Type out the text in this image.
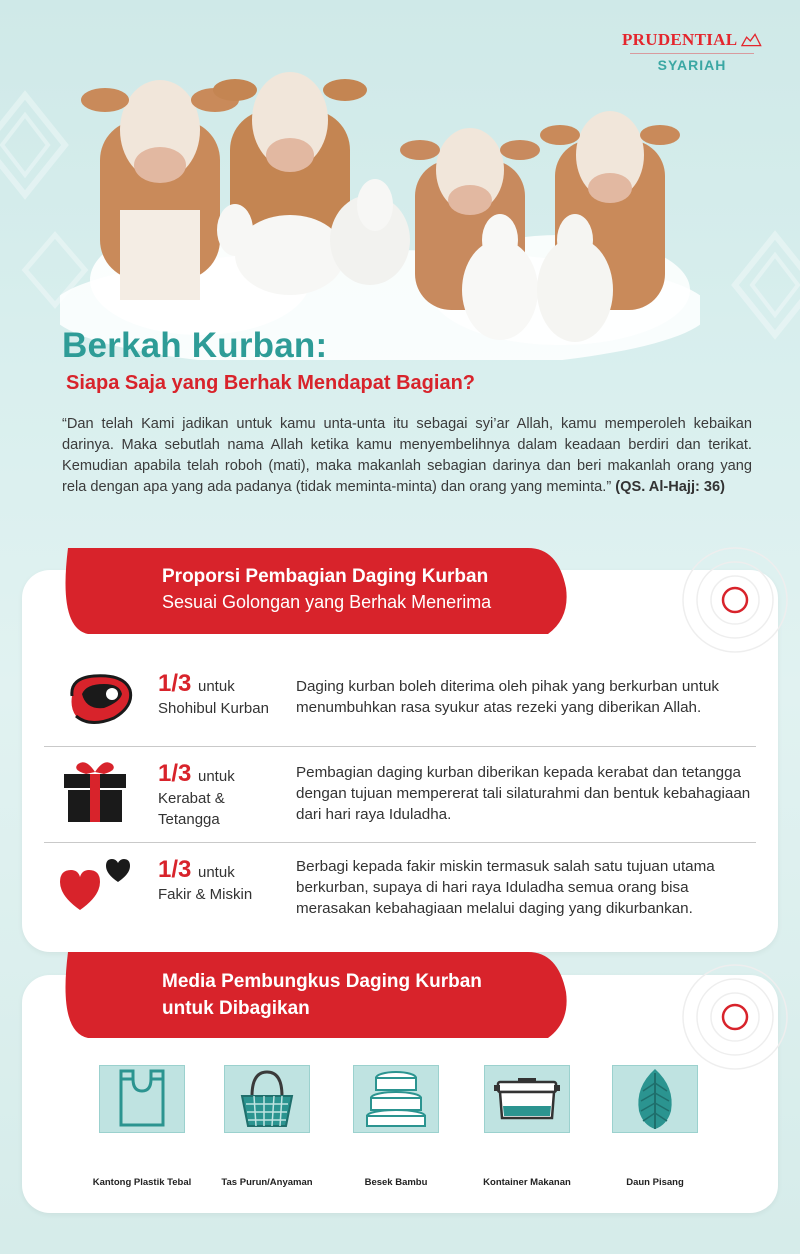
PRUDENTIAL
SYARIAH
Berkah Kurban:
Siapa Saja yang Berhak Mendapat Bagian?

“Dan telah Kami jadikan untuk kamu unta-unta itu sebagai syi’ar Allah, kamu memperoleh kebaikan darinya. Maka sebutlah nama Allah ketika kamu menyembelihnya dalam keadaan berdiri dan terikat. Kemudian apabila telah roboh (mati), maka makanlah sebagian darinya dan beri makanlah orang yang rela dengan apa yang ada padanya (tidak meminta-minta) dan orang yang meminta.” (QS. Al-Hajj: 36)

Proporsi Pembagian Daging Kurban
Sesuai Golongan yang Berhak Menerima
1/3 untuk
Shohibul Kurban
Daging kurban boleh diterima oleh pihak yang berkurban untuk menumbuhkan rasa syukur atas rezeki yang diberikan Allah.
1/3 untuk
Kerabat &
Tetangga
Pembagian daging kurban diberikan kepada kerabat dan tetangga dengan tujuan mempererat tali silaturahmi dan bentuk kebahagiaan dari hari raya Iduladha.
1/3 untuk
Fakir & Miskin
Berbagi kepada fakir miskin termasuk salah satu tujuan utama berkurban, supaya di hari raya Iduladha semua orang bisa merasakan kebahagiaan melalui daging yang dikurbankan.
Media Pembungkus Daging Kurban
untuk Dibagikan
Kantong Plastik Tebal	Tas Purun/Anyaman	Besek Bambu	Kontainer Makanan	Daun Pisang
